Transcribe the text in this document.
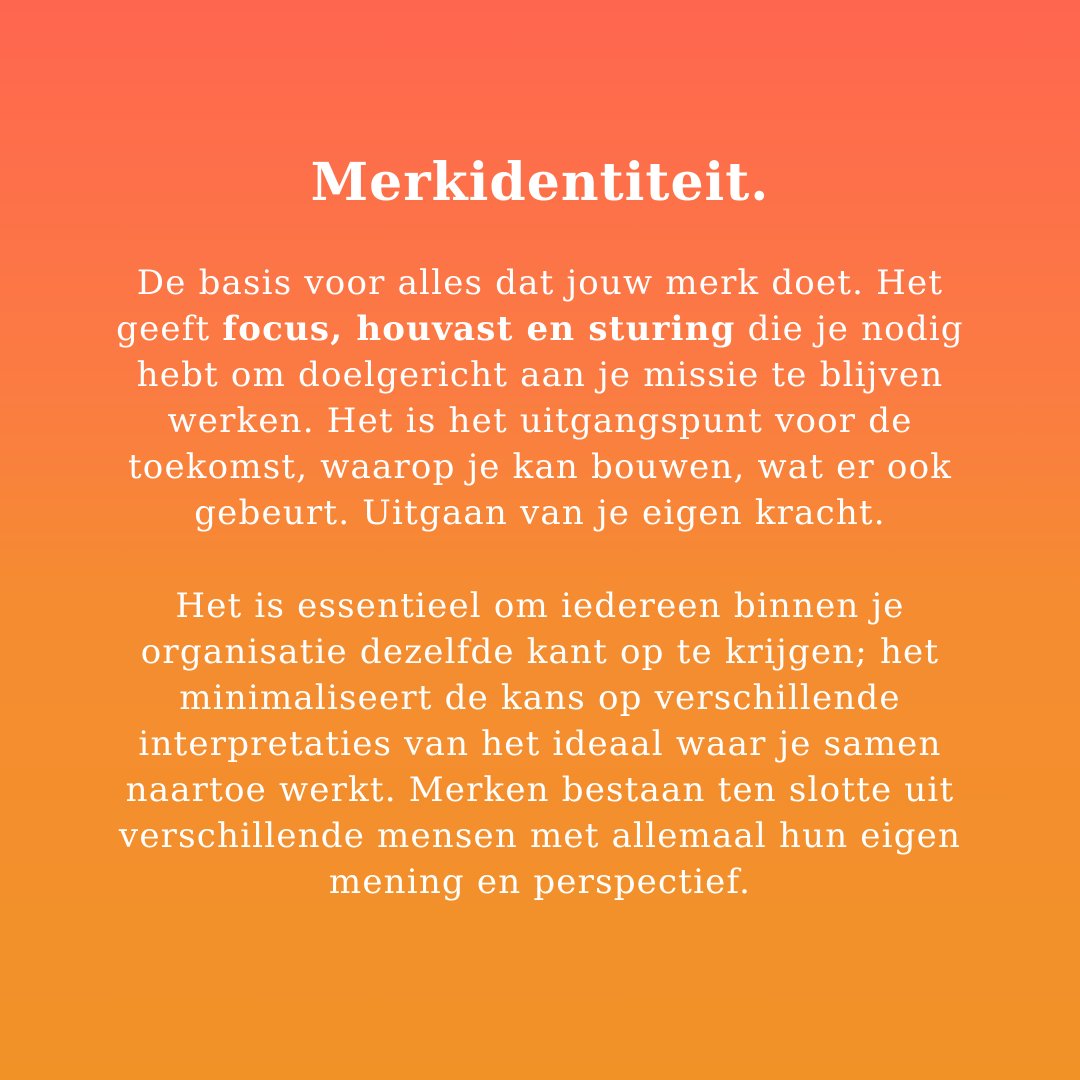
Merkidentiteit.

De basis voor alles dat jouw merk doet. Het
geeft focus, houvast en sturing die je nodig
hebt om doelgericht aan je missie te blijven
werken. Het is het uitgangspunt voor de
toekomst, waarop je kan bouwen, wat er ook
gebeurt. Uitgaan van je eigen kracht.

Het is essentieel om iedereen binnen je
organisatie dezelfde kant op te krijgen; het
minimaliseert de kans op verschillende
interpretaties van het ideaal waar je samen
naartoe werkt. Merken bestaan ten slotte uit
verschillende mensen met allemaal hun eigen
mening en perspectief.
